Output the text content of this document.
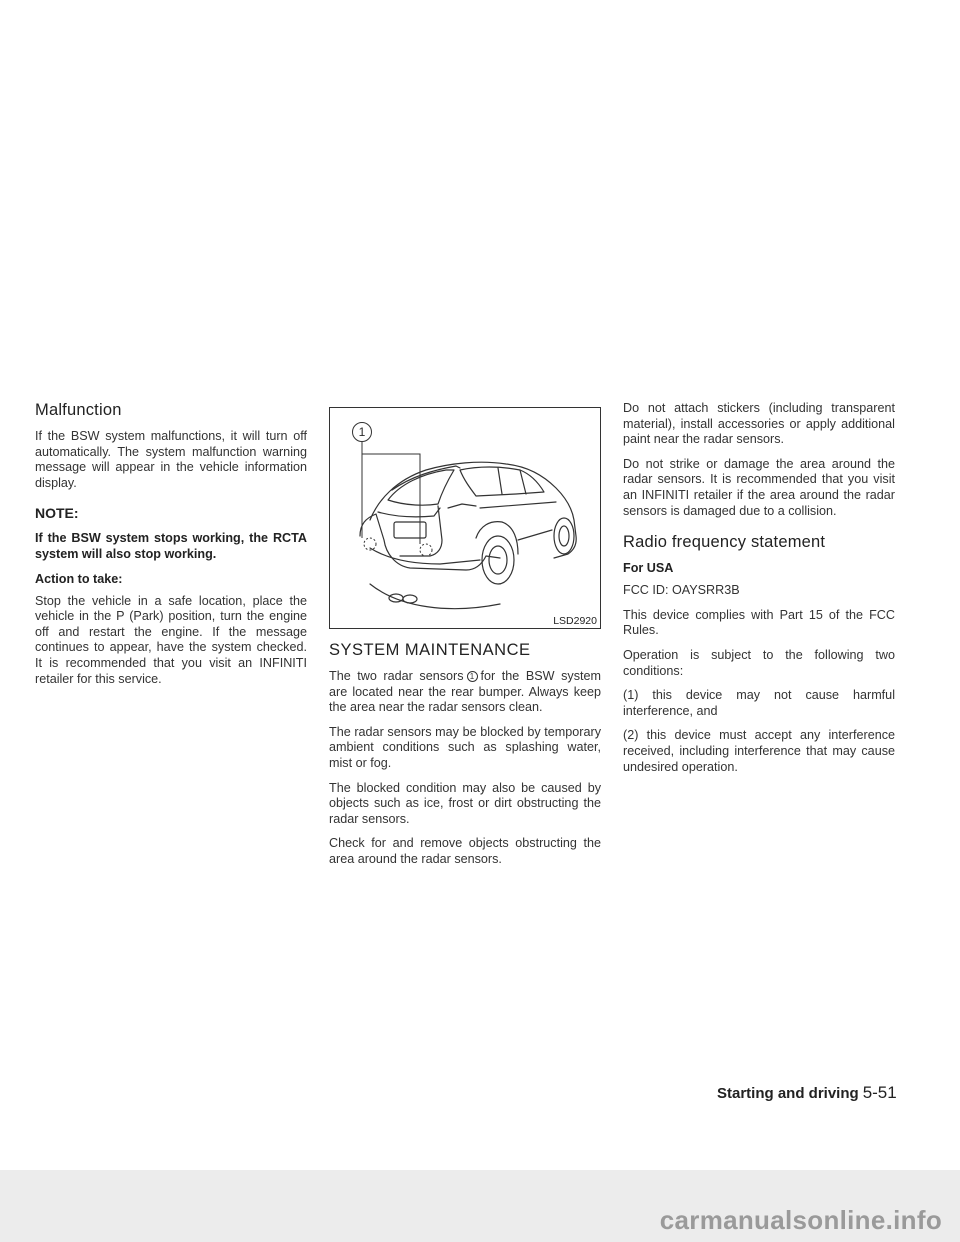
Malfunction

If the BSW system malfunctions, it will turn off automatically. The system malfunction warning message will appear in the vehicle information display.

NOTE:

If the BSW system stops working, the RCTA system will also stop working.

Action to take:

Stop the vehicle in a safe location, place the vehicle in the P (Park) position, turn the engine off and restart the engine. If the message continues to appear, have the system checked. It is recommended that you visit an INFINITI retailer for this service.

1
LSD2920
SYSTEM MAINTENANCE

The two radar sensors 1 for the BSW system are located near the rear bumper. Always keep the area near the radar sensors clean.

The radar sensors may be blocked by temporary ambient conditions such as splashing water, mist or fog.

The blocked condition may also be caused by objects such as ice, frost or dirt obstructing the radar sensors.

Check for and remove objects obstructing the area around the radar sensors.

Do not attach stickers (including transparent material), install accessories or apply additional paint near the radar sensors.

Do not strike or damage the area around the radar sensors. It is recommended that you visit an INFINITI retailer if the area around the radar sensors is damaged due to a collision.

Radio frequency statement
For USA

FCC ID: OAYSRR3B

This device complies with Part 15 of the FCC Rules.

Operation is subject to the following two conditions:

(1) this device may not cause harmful interference, and

(2) this device must accept any interference received, including interference that may cause undesired operation.

Starting and driving 5-51
carmanualsonline.info
